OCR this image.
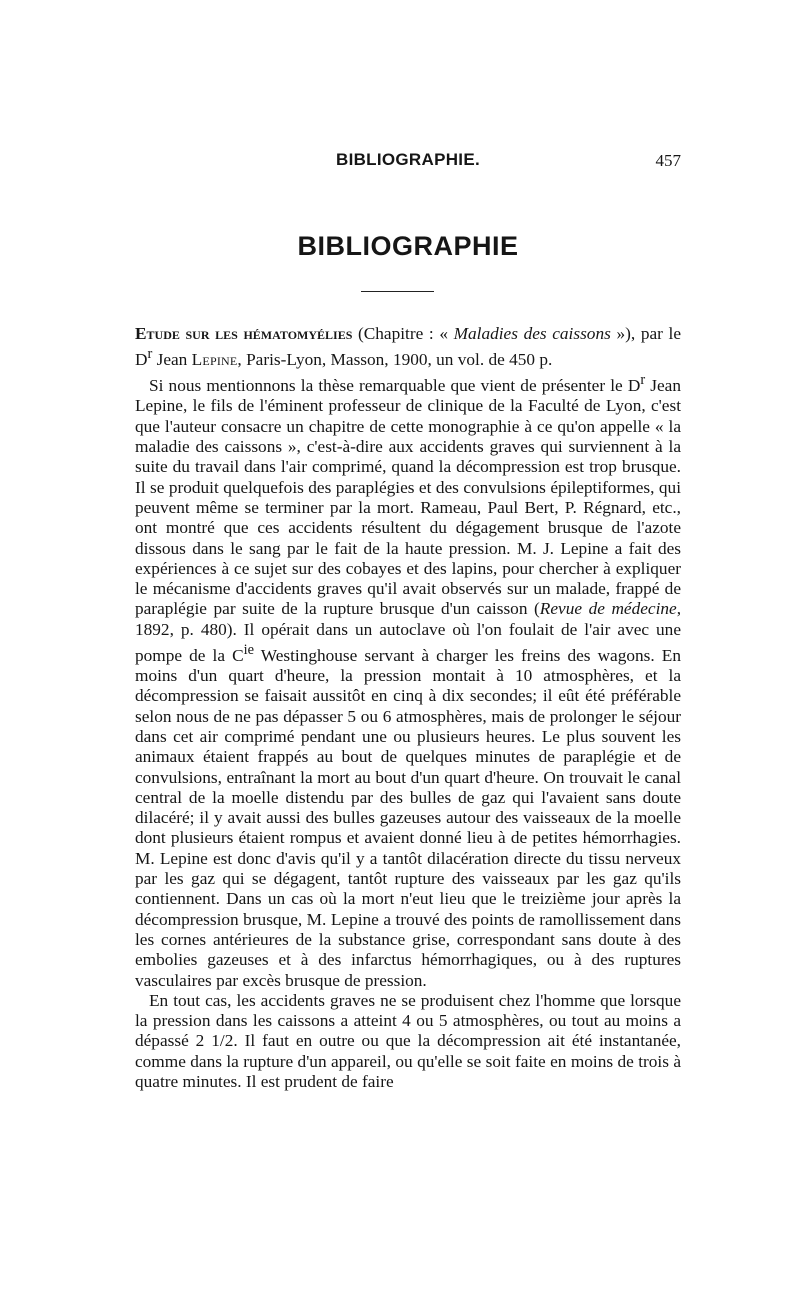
BIBLIOGRAPHIE.	457
BIBLIOGRAPHIE

Etude sur les hématomyélies (Chapitre : « Maladies des caissons »), par le $D^r$ Jean Lepine, Paris-Lyon, Masson, 1900, un vol. de 450 p.

Si nous mentionnons la thèse remarquable que vient de présenter le $D^r$ Jean Lepine, le fils de l'éminent professeur de clinique de la Faculté de Lyon, c'est que l'auteur consacre un chapitre de cette monographie à ce qu'on appelle « la maladie des caissons », c'est-à-dire aux accidents graves qui surviennent à la suite du travail dans l'air comprimé, quand la décompression est trop brusque. Il se produit quelquefois des paraplégies et des convulsions épileptiformes, qui peuvent même se terminer par la mort. Rameau, Paul Bert, P. Régnard, etc., ont montré que ces accidents résultent du dégagement brusque de l'azote dissous dans le sang par le fait de la haute pression. M. J. Lepine a fait des expériences à ce sujet sur des cobayes et des lapins, pour chercher à expliquer le mécanisme d'accidents graves qu'il avait observés sur un malade, frappé de paraplégie par suite de la rupture brusque d'un caisson (Revue de médecine, 1892, p. 480). Il opérait dans un autoclave où l'on foulait de l'air avec une pompe de la $C^{ie}$ Westinghouse servant à charger les freins des wagons. En moins d'un quart d'heure, la pression montait à 10 atmosphères, et la décompression se faisait aussitôt en cinq à dix secondes; il eût été préférable selon nous de ne pas dépasser 5 ou 6 atmosphères, mais de prolonger le séjour dans cet air comprimé pendant une ou plusieurs heures. Le plus souvent les animaux étaient frappés au bout de quelques minutes de paraplégie et de convulsions, entraînant la mort au bout d'un quart d'heure. On trouvait le canal central de la moelle distendu par des bulles de gaz qui l'avaient sans doute dilacéré; il y avait aussi des bulles gazeuses autour des vaisseaux de la moelle dont plusieurs étaient rompus et avaient donné lieu à de petites hémorrhagies. M. Lepine est donc d'avis qu'il y a tantôt dilacération directe du tissu nerveux par les gaz qui se dégagent, tantôt rupture des vaisseaux par les gaz qu'ils contiennent. Dans un cas où la mort n'eut lieu que le treizième jour après la décompression brusque, M. Lepine a trouvé des points de ramollissement dans les cornes antérieures de la substance grise, correspondant sans doute à des embolies gazeuses et à des infarctus hémorrhagiques, ou à des ruptures vasculaires par excès brusque de pression.

En tout cas, les accidents graves ne se produisent chez l'homme que lorsque la pression dans les caissons a atteint 4 ou 5 atmosphères, ou tout au moins a dépassé 2 1/2. Il faut en outre ou que la décompression ait été instantanée, comme dans la rupture d'un appareil, ou qu'elle se soit faite en moins de trois à quatre minutes. Il est prudent de faire
